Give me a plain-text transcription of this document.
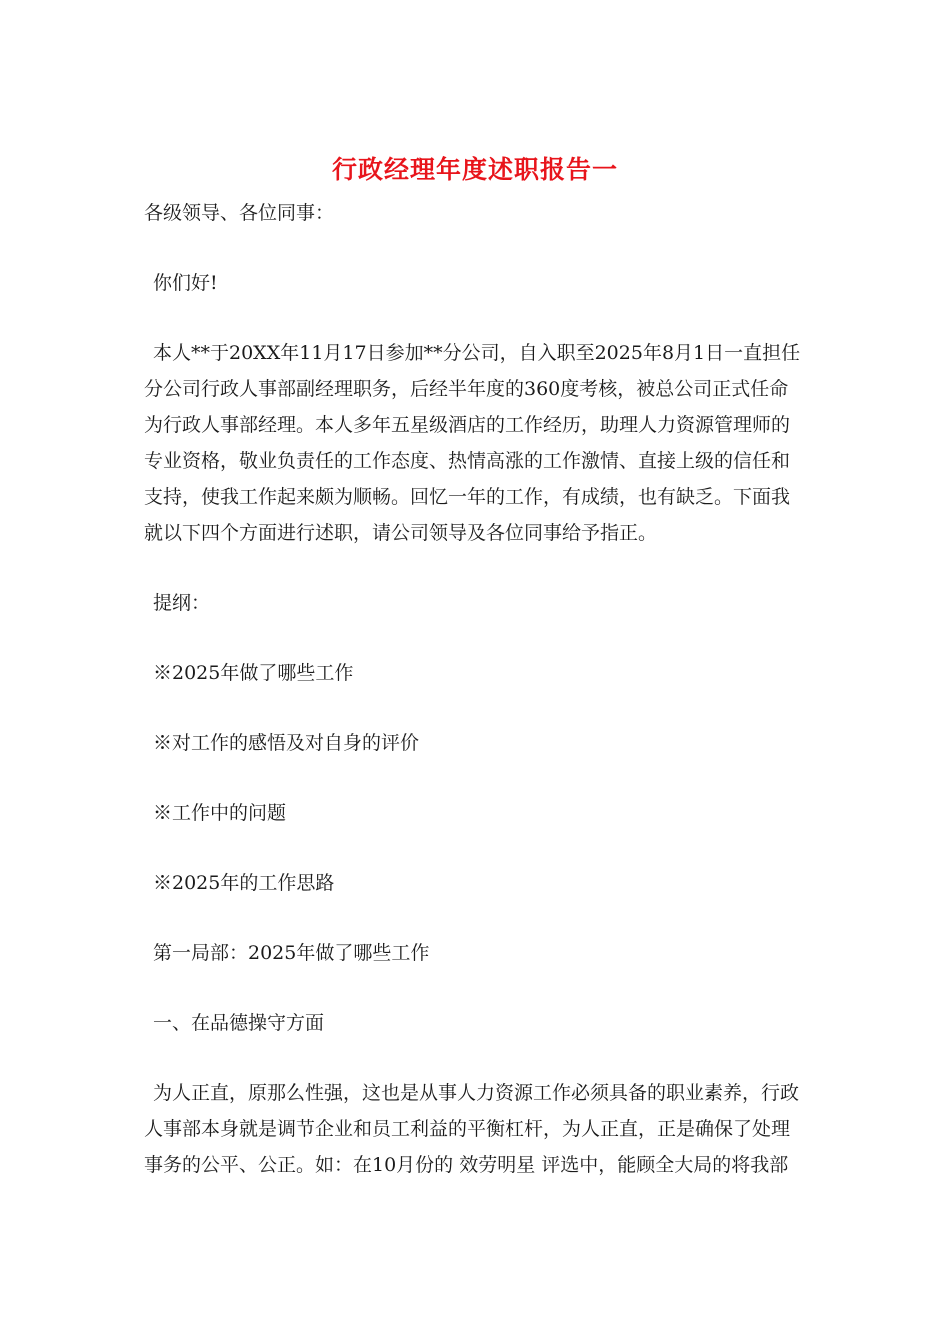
行政经理年度述职报告一

各级领导、各位同事：

你们好!

本人**于20XX年11月17日参加**分公司，自入职至2025年8月1日一直担任分公司行政人事部副经理职务，后经半年度的360度考核，被总公司正式任命为行政人事部经理。本人多年五星级酒店的工作经历，助理人力资源管理师的专业资格，敬业负责任的工作态度、热情高涨的工作激情、直接上级的信任和支持，使我工作起来颇为顺畅。回忆一年的工作，有成绩，也有缺乏。下面我就以下四个方面进行述职，请公司领导及各位同事给予指正。

提纲：

※2025年做了哪些工作

※对工作的感悟及对自身的评价

※工作中的问题

※2025年的工作思路

第一局部：2025年做了哪些工作

一、在品德操守方面

为人正直，原那么性强，这也是从事人力资源工作必须具备的职业素养，行政人事部本身就是调节企业和员工利益的平衡杠杆，为人正直，正是确保了处理事务的公平、公正。如：在10月份的 效劳明星 评选中，能顾全大局的将我部
